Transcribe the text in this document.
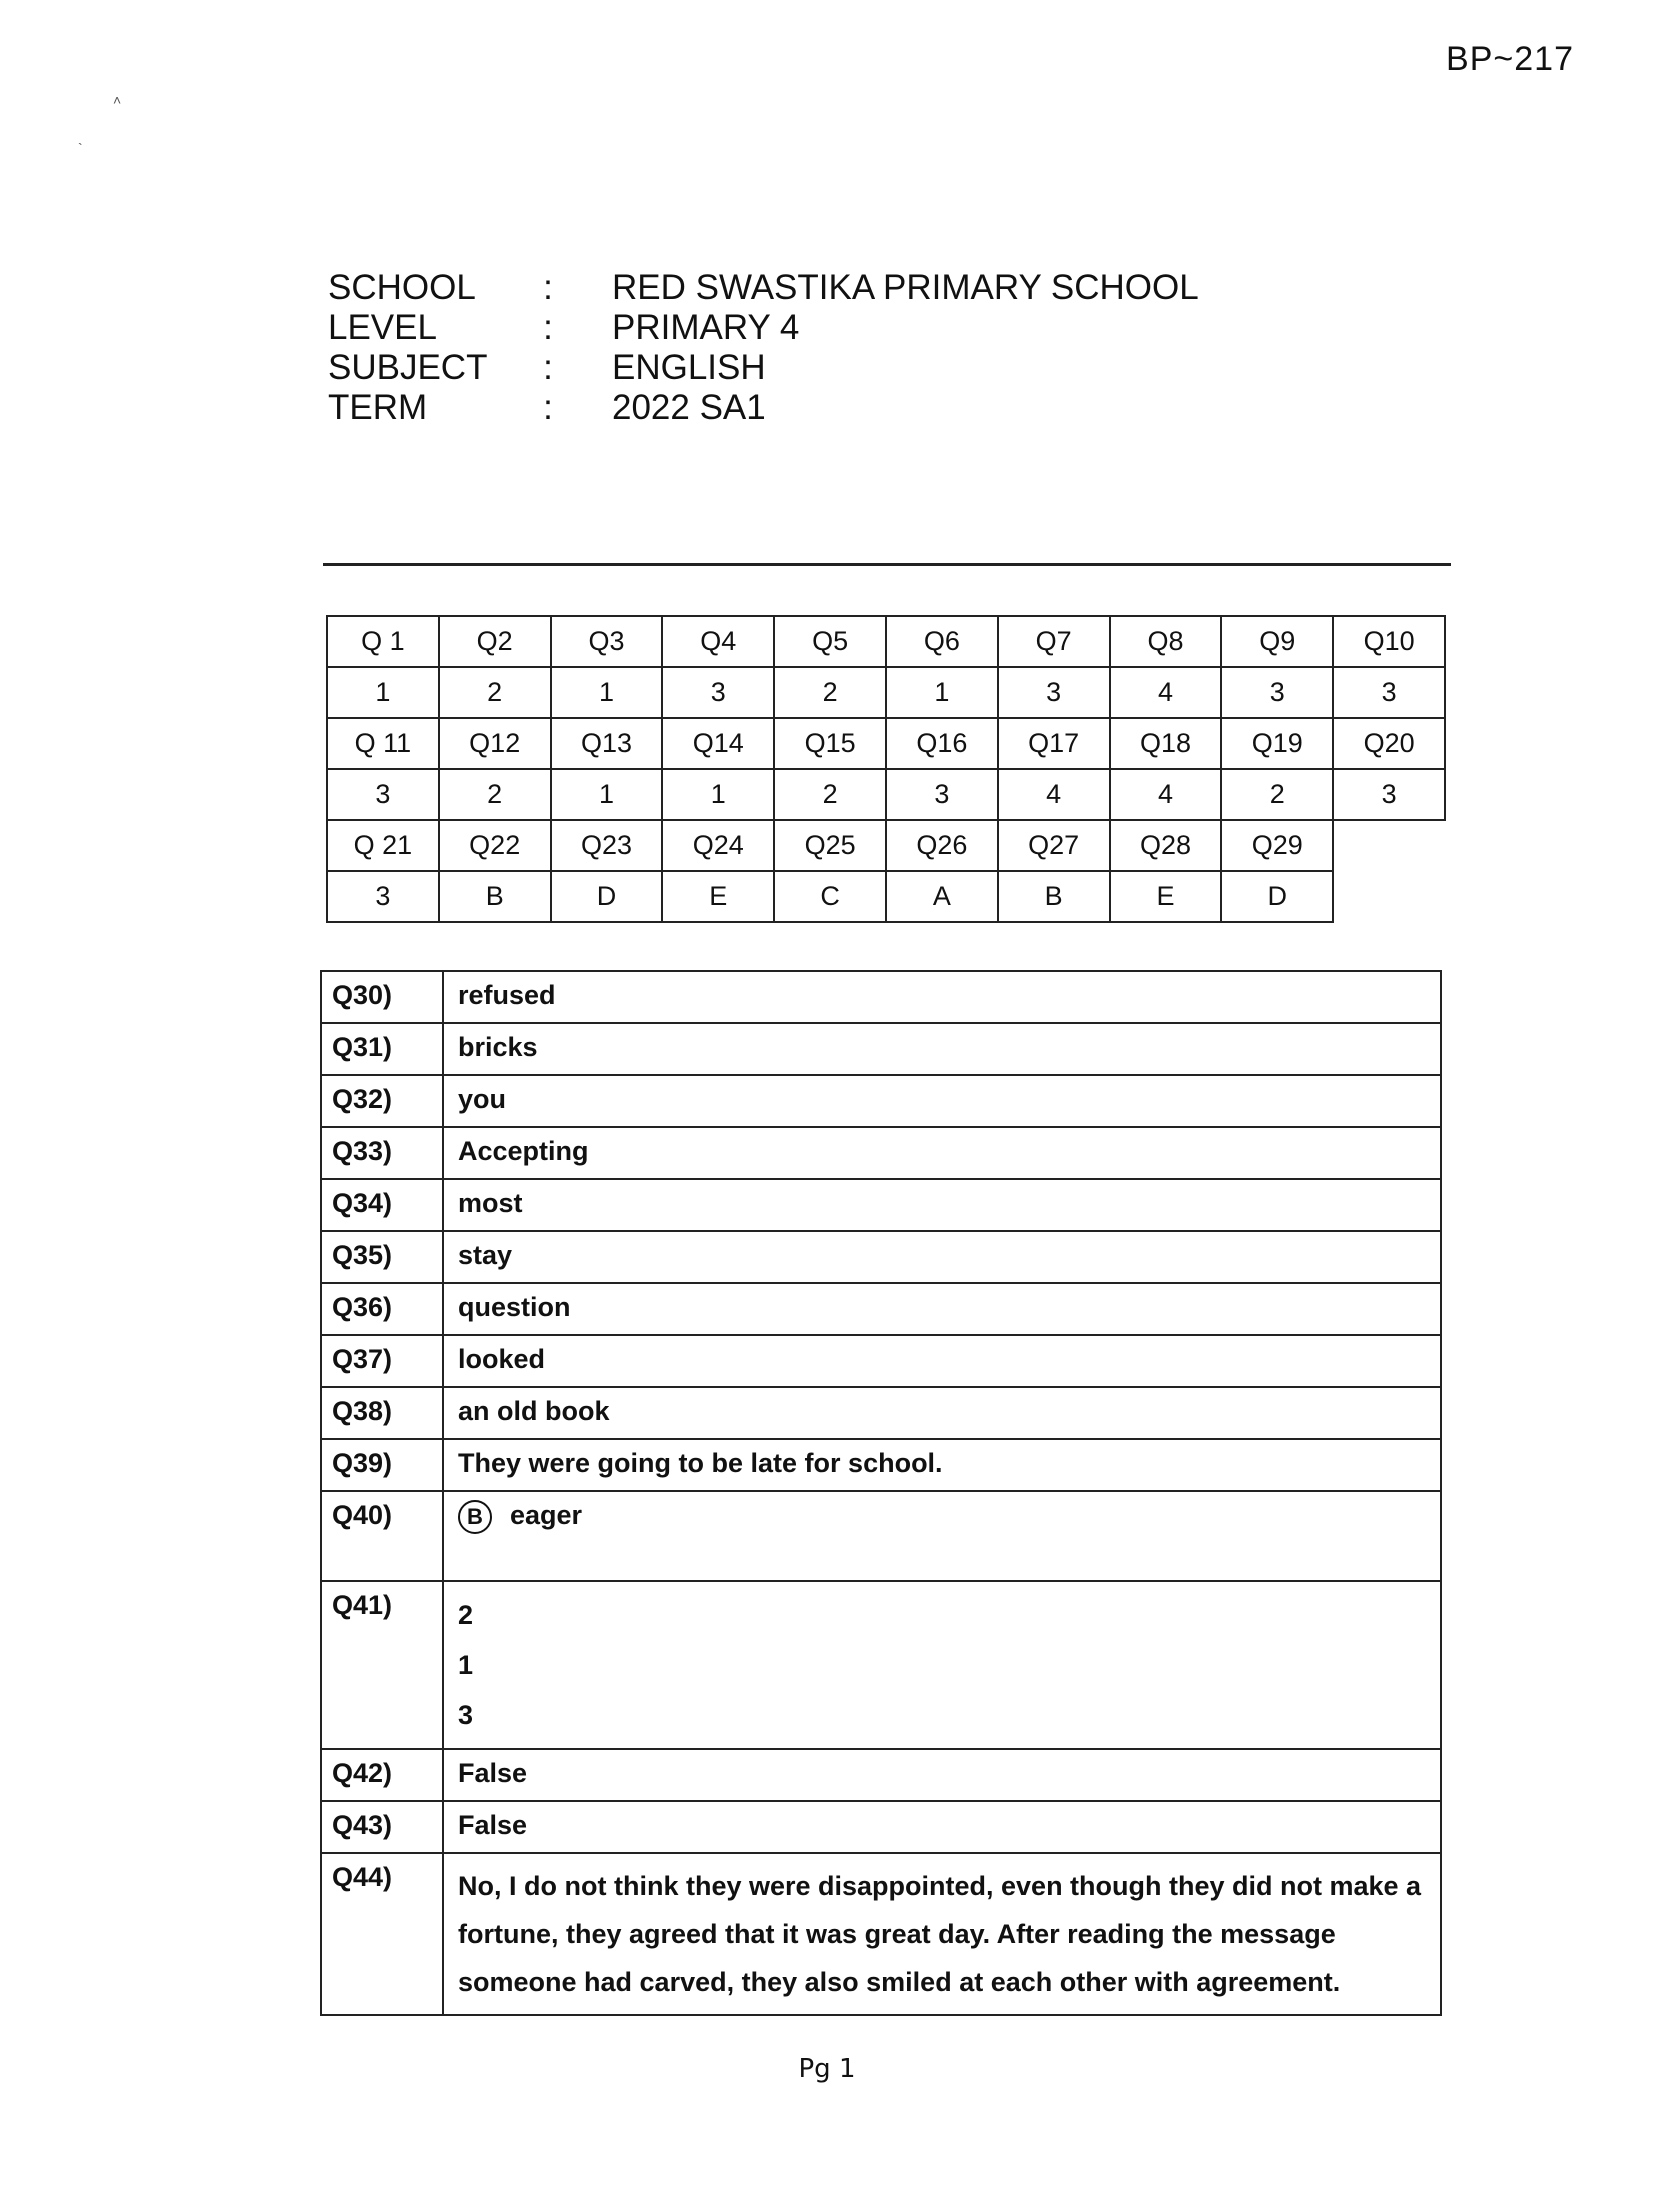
BP~217
˄
`
SCHOOL : RED SWASTIKA PRIMARY SCHOOL
LEVEL	: PRIMARY 4
SUBJECT : ENGLISH
TERM	: 2022 SA1
Q 1	Q2	Q3	Q4	Q5	Q6	Q7	Q8	Q9	Q10
1	2	1	3	2	1	3	4	3	3
Q 11	Q12	Q13	Q14	Q15	Q16	Q17	Q18	Q19	Q20
3	2	1	1	2	3	4	4	2	3
Q 21	Q22	Q23	Q24	Q25	Q26	Q27	Q28	Q29	
3	B	D	E	C	A	B	E	D	
Q30)	refused
Q31)	bricks
Q32)	you
Q33)	Accepting
Q34)	most
Q35)	stay
Q36)	question
Q37)	looked
Q38)	an old book
Q39)	They were going to be late for school.
Q40)	B eager
Q41)	2
1
3

Q42)	False
Q43)	False
Q44)	No, I do not think they were disappointed, even though they did not make a fortune, they agreed that it was great day. After reading the message someone had carved, they also smiled at each other with agreement.
Pg 1
